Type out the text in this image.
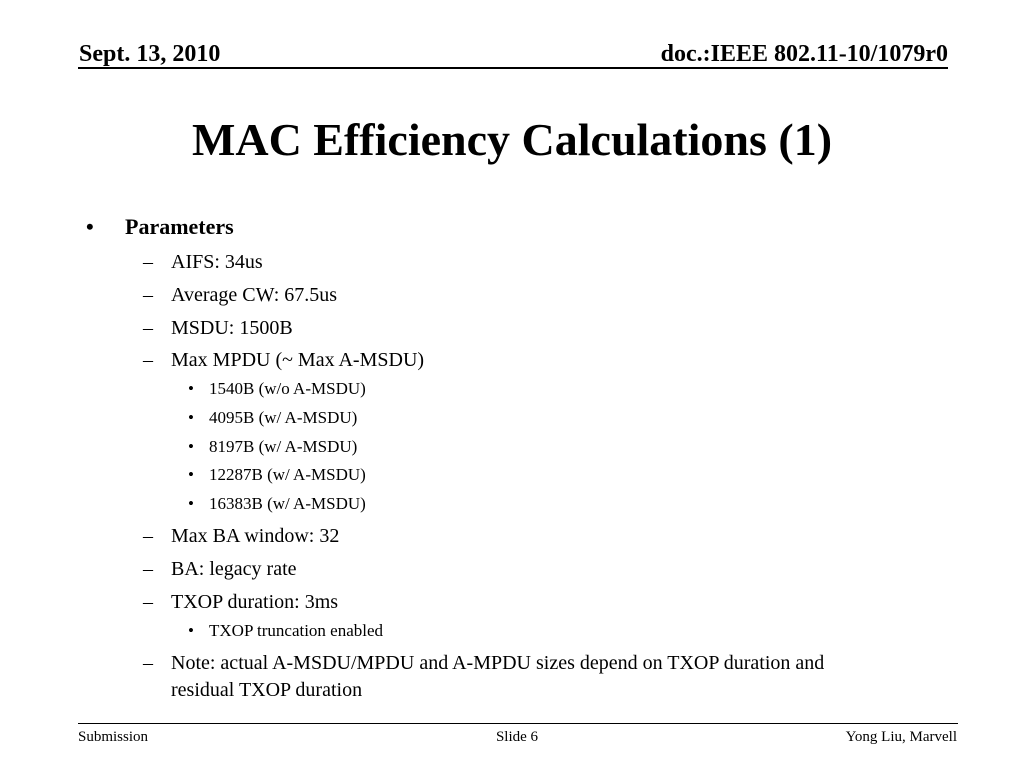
Sept. 13, 2010	doc.:IEEE 802.11-10/1079r0
MAC Efficiency Calculations (1)
• Parameters
– AIFS: 34us
– Average CW: 67.5us
– MSDU: 1500B
– Max MPDU (~ Max A-MSDU)
• 1540B (w/o A-MSDU)
• 4095B (w/ A-MSDU)
• 8197B (w/ A-MSDU)
• 12287B (w/ A-MSDU)
• 16383B (w/ A-MSDU)
– Max BA window: 32
– BA: legacy rate
– TXOP duration: 3ms
• TXOP truncation enabled
– Note: actual A-MSDU/MPDU and A-MPDU sizes depend on TXOP duration and
residual TXOP duration
Submission	Slide 6	Yong Liu, Marvell
